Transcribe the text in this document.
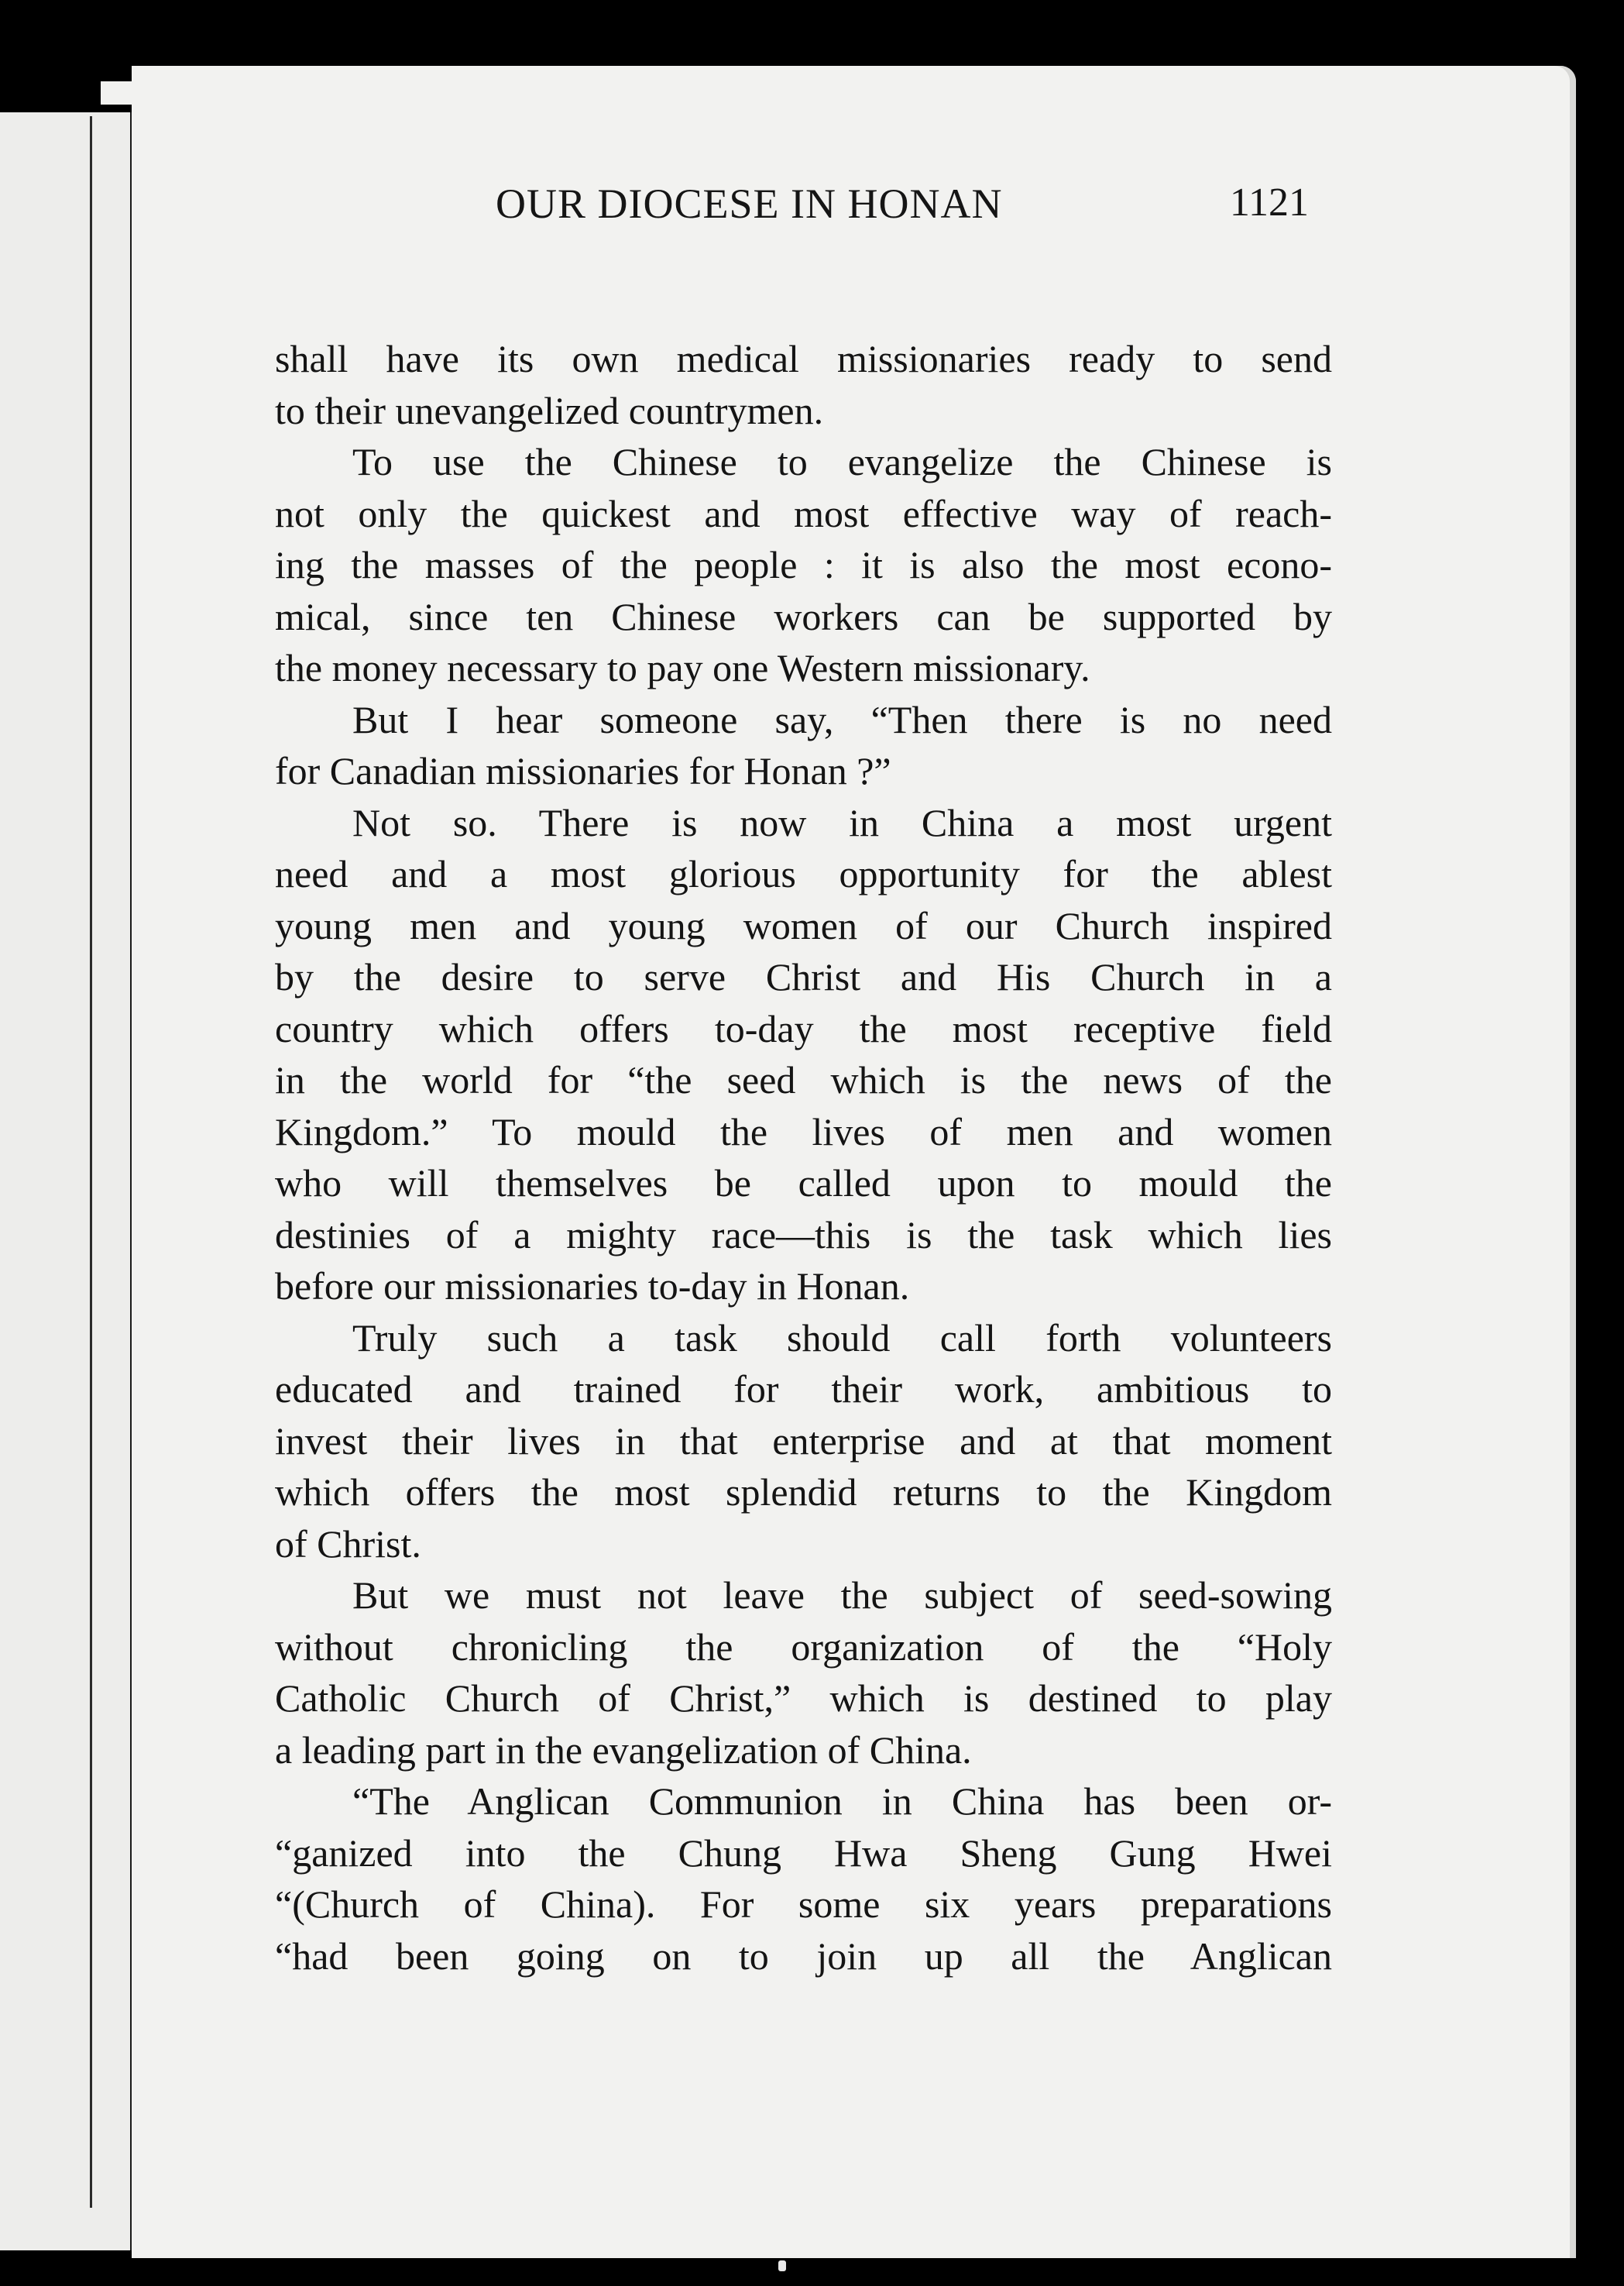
OUR DIOCESE IN HONAN	1121
shall have its own medical missionaries ready to send
to their unevangelized countrymen.
To use the Chinese to evangelize the Chinese is
not only the quickest and most effective way of reach-
ing the masses of the people : it is also the most econo-
mical, since ten Chinese workers can be supported by
the money necessary to pay one Western missionary.
But I hear someone say, “Then there is no need
for Canadian missionaries for Honan ?”
Not so. There is now in China a most urgent
need and a most glorious opportunity for the ablest
young men and young women of our Church inspired
by the desire to serve Christ and His Church in a
country which offers to-day the most receptive field
in the world for “the seed which is the news of the
Kingdom.” To mould the lives of men and women
who will themselves be called upon to mould the
destinies of a mighty race—this is the task which lies
before our missionaries to-day in Honan.
Truly such a task should call forth volunteers
educated and trained for their work, ambitious to
invest their lives in that enterprise and at that moment
which offers the most splendid returns to the Kingdom
of Christ.
But we must not leave the subject of seed-sowing
without chronicling the organization of the “Holy
Catholic Church of Christ,” which is destined to play
a leading part in the evangelization of China.
“The Anglican Communion in China has been or-
“ganized into the Chung Hwa Sheng Gung Hwei
“(Church of China). For some six years preparations
“had been going on to join up all the Anglican
